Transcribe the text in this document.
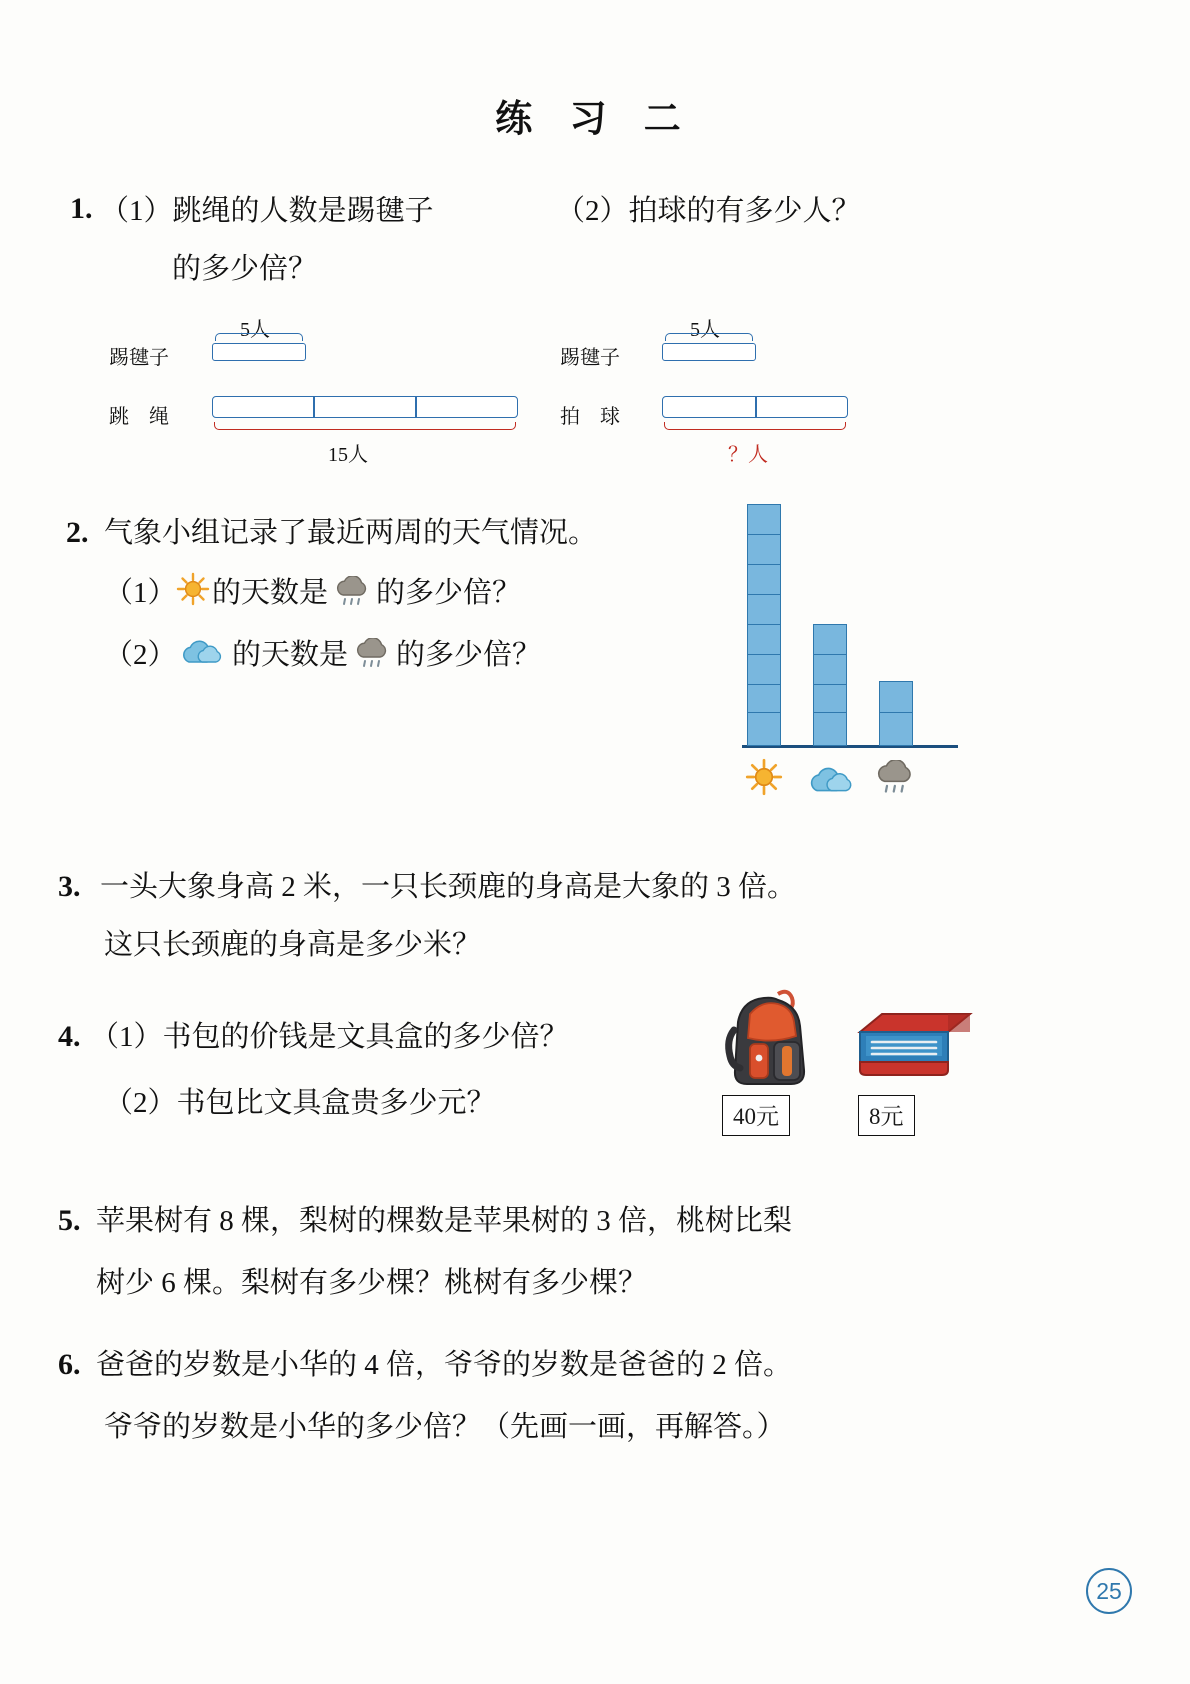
练 习 二
1. （1）跳绳的人数是踢毽子
的多少倍？
（2）拍球的有多少人？
踢毽子
5人
跳　绳
15人
踢毽子
5人
拍　球
？人
2. 气象小组记录了最近两周的天气情况。
（1） 的天数是 的多少倍？
（2） 的天数是 的多少倍？
3. 一头大象身高 2 米，一只长颈鹿的身高是大象的 3 倍。
这只长颈鹿的身高是多少米？
4. （1）书包的价钱是文具盒的多少倍？
（2）书包比文具盒贵多少元？	40元	8元
5. 苹果树有 8 棵，梨树的棵数是苹果树的 3 倍，桃树比梨
树少 6 棵。梨树有多少棵？桃树有多少棵？
6. 爸爸的岁数是小华的 4 倍，爷爷的岁数是爸爸的 2 倍。
爷爷的岁数是小华的多少倍？（先画一画，再解答。）
25
